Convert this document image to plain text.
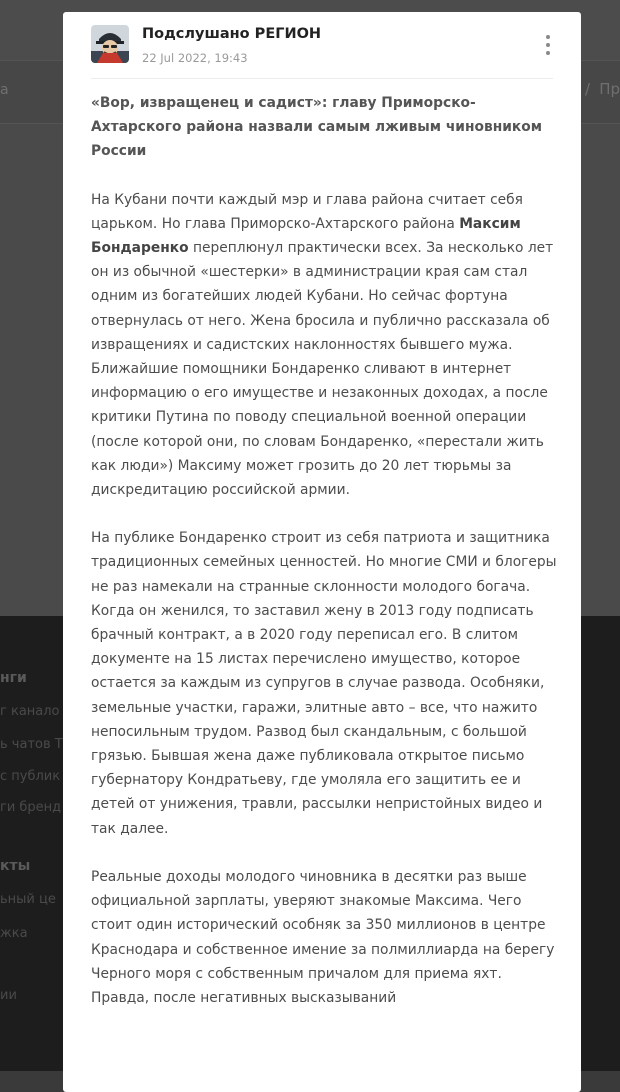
а	/ Пр
нги
г канало
ь чатов Т
с публик
ги бренд
кты
ьный це
жка
ии
Подслушано РЕГИОН
22 Jul 2022, 19:43

«Вор, извращенец и садист»: главу Приморско-Ахтарского района назвали самым лживым чиновником России

На Кубани почти каждый мэр и глава района считает себя царьком. Но глава Приморско-Ахтарского района Максим Бондаренко переплюнул практически всех. За несколько лет он из обычной «шестерки» в администрации края сам стал одним из богатейших людей Кубани. Но сейчас фортуна отвернулась от него. Жена бросила и публично рассказала об извращениях и садистских наклонностях бывшего мужа. Ближайшие помощники Бондаренко сливают в интернет информацию о его имуществе и незаконных доходах, а после критики Путина по поводу специальной военной операции (после которой они, по словам Бондаренко, «перестали жить как люди») Максиму может грозить до 20 лет тюрьмы за дискредитацию российской армии.

На публике Бондаренко строит из себя патриота и защитника традиционных семейных ценностей. Но многие СМИ и блогеры не раз намекали на странные склонности молодого богача. Когда он женился, то заставил жену в 2013 году подписать брачный контракт, а в 2020 году переписал его. В слитом документе на 15 листах перечислено имущество, которое остается за каждым из супругов в случае развода. Особняки, земельные участки, гаражи, элитные авто – все, что нажито непосильным трудом. Развод был скандальным, с большой грязью. Бывшая жена даже публиковала открытое письмо губернатору Кондратьеву, где умоляла его защитить ее и детей от унижения, травли, рассылки непристойных видео и так далее.

Реальные доходы молодого чиновника в десятки раз выше официальной зарплаты, уверяют знакомые Максима. Чего стоит один исторический особняк за 350 миллионов в центре Краснодара и собственное имение за полмиллиарда на берегу Черного моря с собственным причалом для приема яхт. Правда, после негативных высказываний
